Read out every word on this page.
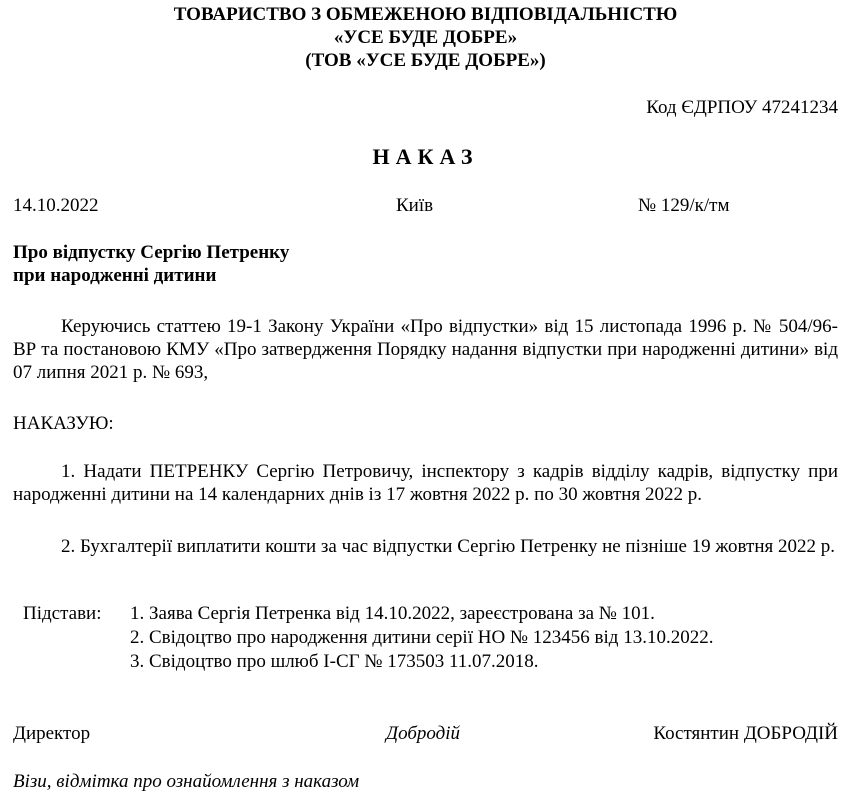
ТОВАРИСТВО З ОБМЕЖЕНОЮ ВІДПОВІДАЛЬНІСТЮ
«УСЕ БУДЕ ДОБРЕ»
(ТОВ «УСЕ БУДЕ ДОБРЕ»)
Код ЄДРПОУ 47241234
НАКАЗ
14.10.2022	Київ	№ 129/к/тм
Про відпустку Сергію Петренку
при народженні дитини
Керуючись статтею 19-1 Закону України «Про відпустки» від 15 листопада 1996 р. № 504/96-ВР та постановою КМУ «Про затвердження Порядку надання відпустки при народженні дитини» від 07 липня 2021 р. № 693,
НАКАЗУЮ:
1. Надати ПЕТРЕНКУ Сергію Петровичу, інспектору з кадрів відділу кадрів, відпустку при народженні дитини на 14 календарних днів із 17 жовтня 2022 р. по 30 жовтня 2022 р.
2. Бухгалтерії виплатити кошти за час відпустки Сергію Петренку не пізніше 19 жовтня 2022 р.
Підстави: 1. Заява Сергія Петренка від 14.10.2022, зареєстрована за № 101.
2. Свідоцтво про народження дитини серії НО № 123456 від 13.10.2022.
3. Свідоцтво про шлюб І-СГ № 173503 11.07.2018.
Директор	Добродій	Костянтин ДОБРОДІЙ
Візи, відмітка про ознайомлення з наказом
